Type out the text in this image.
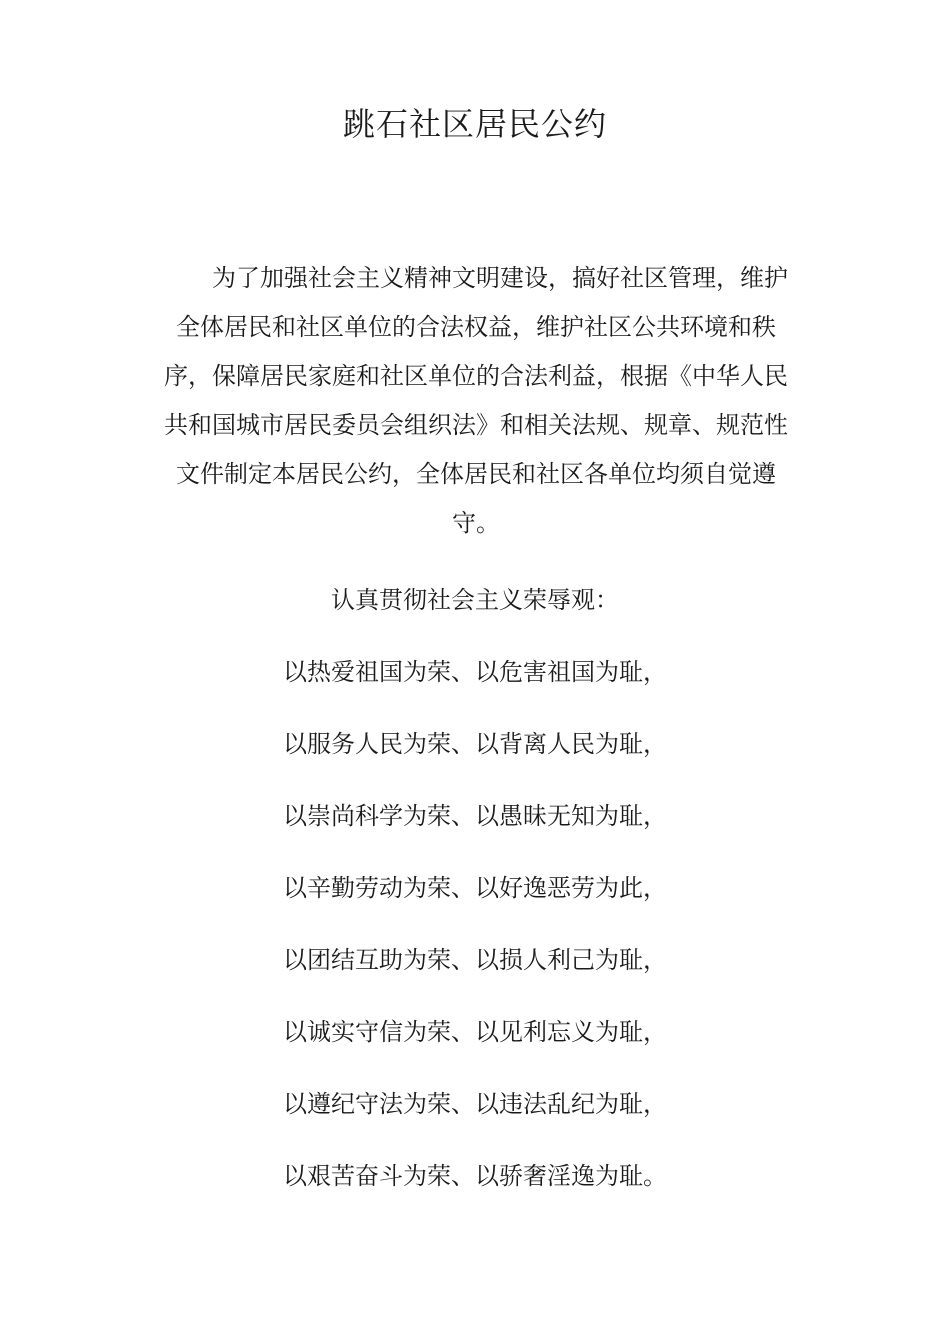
跳石社区居民公约
为了加强社会主义精神文明建设，搞好社区管理，维护
全体居民和社区单位的合法权益，维护社区公共环境和秩
序，保障居民家庭和社区单位的合法利益，根据《中华人民
共和国城市居民委员会组织法》和相关法规、规章、规范性
文件制定本居民公约，全体居民和社区各单位均须自觉遵
守。
认真贯彻社会主义荣辱观：
以热爱祖国为荣、以危害祖国为耻，
以服务人民为荣、以背离人民为耻，
以崇尚科学为荣、以愚昧无知为耻，
以辛勤劳动为荣、以好逸恶劳为此，
以团结互助为荣、以损人利己为耻，
以诚实守信为荣、以见利忘义为耻，
以遵纪守法为荣、以违法乱纪为耻，
以艰苦奋斗为荣、以骄奢淫逸为耻。
